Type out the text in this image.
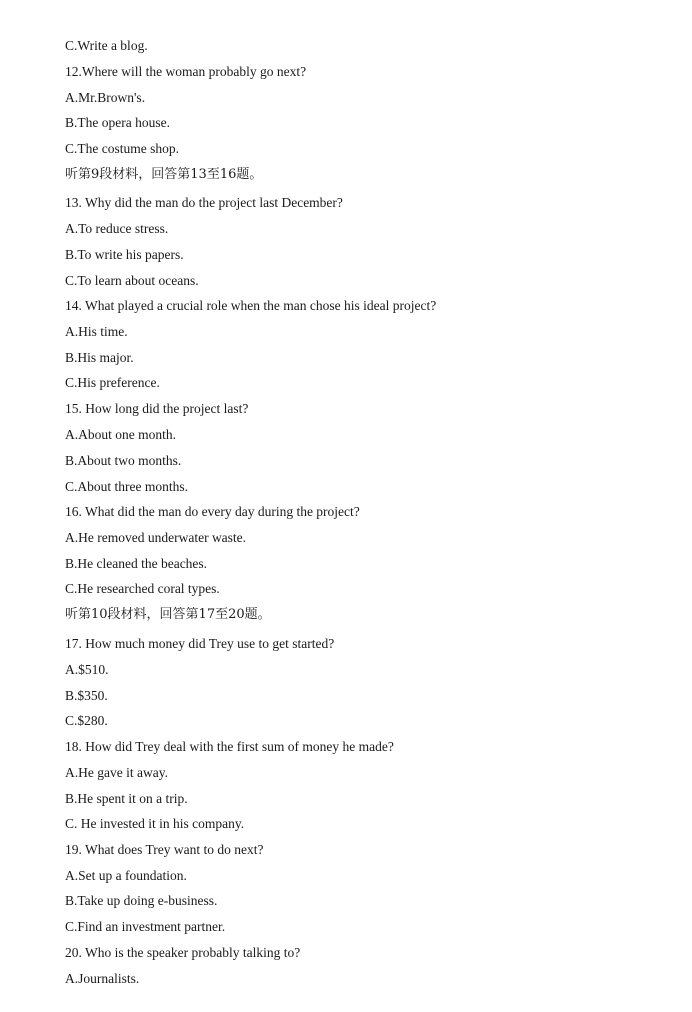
C.Write a blog.
12.Where will the woman probably go next?
A.Mr.Brown's.
B.The opera house.
C.The costume shop.
听第9段材料，回答第13至16题。
13. Why did the man do the project last December?
A.To reduce stress.
B.To write his papers.
C.To learn about oceans.
14. What played a crucial role when the man chose his ideal project?
A.His time.
B.His major.
C.His preference.
15. How long did the project last?
A.About one month.
B.About two months.
C.About three months.
16. What did the man do every day during the project?
A.He removed underwater waste.
B.He cleaned the beaches.
C.He researched coral types.
听第10段材料，回答第17至20题。
17. How much money did Trey use to get started?
A.$510.
B.$350.
C.$280.
18. How did Trey deal with the first sum of money he made?
A.He gave it away.
B.He spent it on a trip.
C. He invested it in his company.
19. What does Trey want to do next?
A.Set up a foundation.
B.Take up doing e-business.
C.Find an investment partner.
20. Who is the speaker probably talking to?
A.Journalists.
